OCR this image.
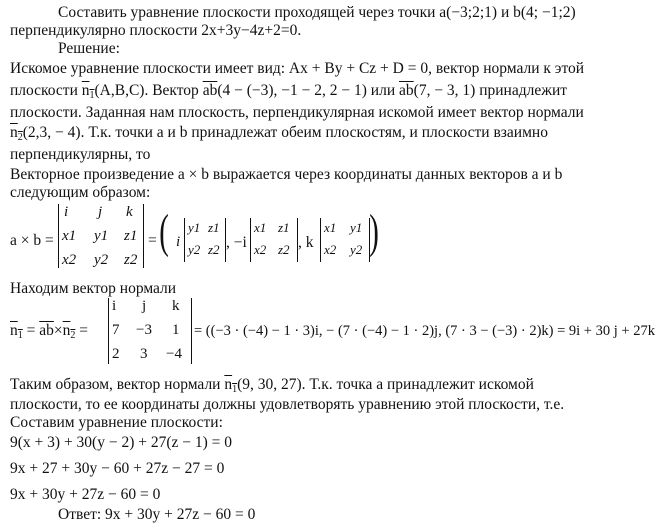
Составить уравнение плоскости проходящей через точки a(−3;2;1) и b(4; −1;2)
перпендикулярно плоскости 2x+3y−4z+2=0.
Решение:
Искомое уравнение плоскости имеет вид: Ax + By + Cz + D = 0, вектор нормали к этой
плоскости $n_1(A,B,C)$. Вектор $\overline{ab}(4 - (-3)$, −1 − 2, 2 − 1) или $\overline{ab}(7$, − 3, 1) принадлежит
плоскости. Заданная нам плоскость, перпендикулярная искомой имеет вектор нормали
$n_2(2,3$, − 4). Т.к. точки a и b принадлежат обеим плоскостям, и плоскости взаимно
перпендикулярны, то
Векторное произведение a × b выражается через координаты данных векторов a и b
следующим образом:
a × b =
i j k
x1 y1 z1
x2 y2 z2
= ( i
y1 z1
y2 z2 , −i
x1 z1
x2 z2 , k
x1 y1
x2 y2 )
Находим вектор нормали
$n_1 = \overline{ab}\times n_2$ =
i j k
7 −3 1
2 3 −4
= ((−3 · (−4) − 1 · 3)i, − (7 · (−4) − 1 · 2)j, (7 · 3 − (−3) · 2)k) = 9i + 30 j + 27k
Таким образом, вектор нормали $n_1(9$, 30, 27). Т.к. точка a принадлежит искомой
плоскости, то ее координаты должны удовлетворять уравнению этой плоскости, т.е.
Составим уравнение плоскости:
9(x + 3) + 30(y − 2) + 27(z − 1) = 0
9x + 27 + 30y − 60 + 27z − 27 = 0
9x + 30y + 27z − 60 = 0
Ответ: 9x + 30y + 27z − 60 = 0
